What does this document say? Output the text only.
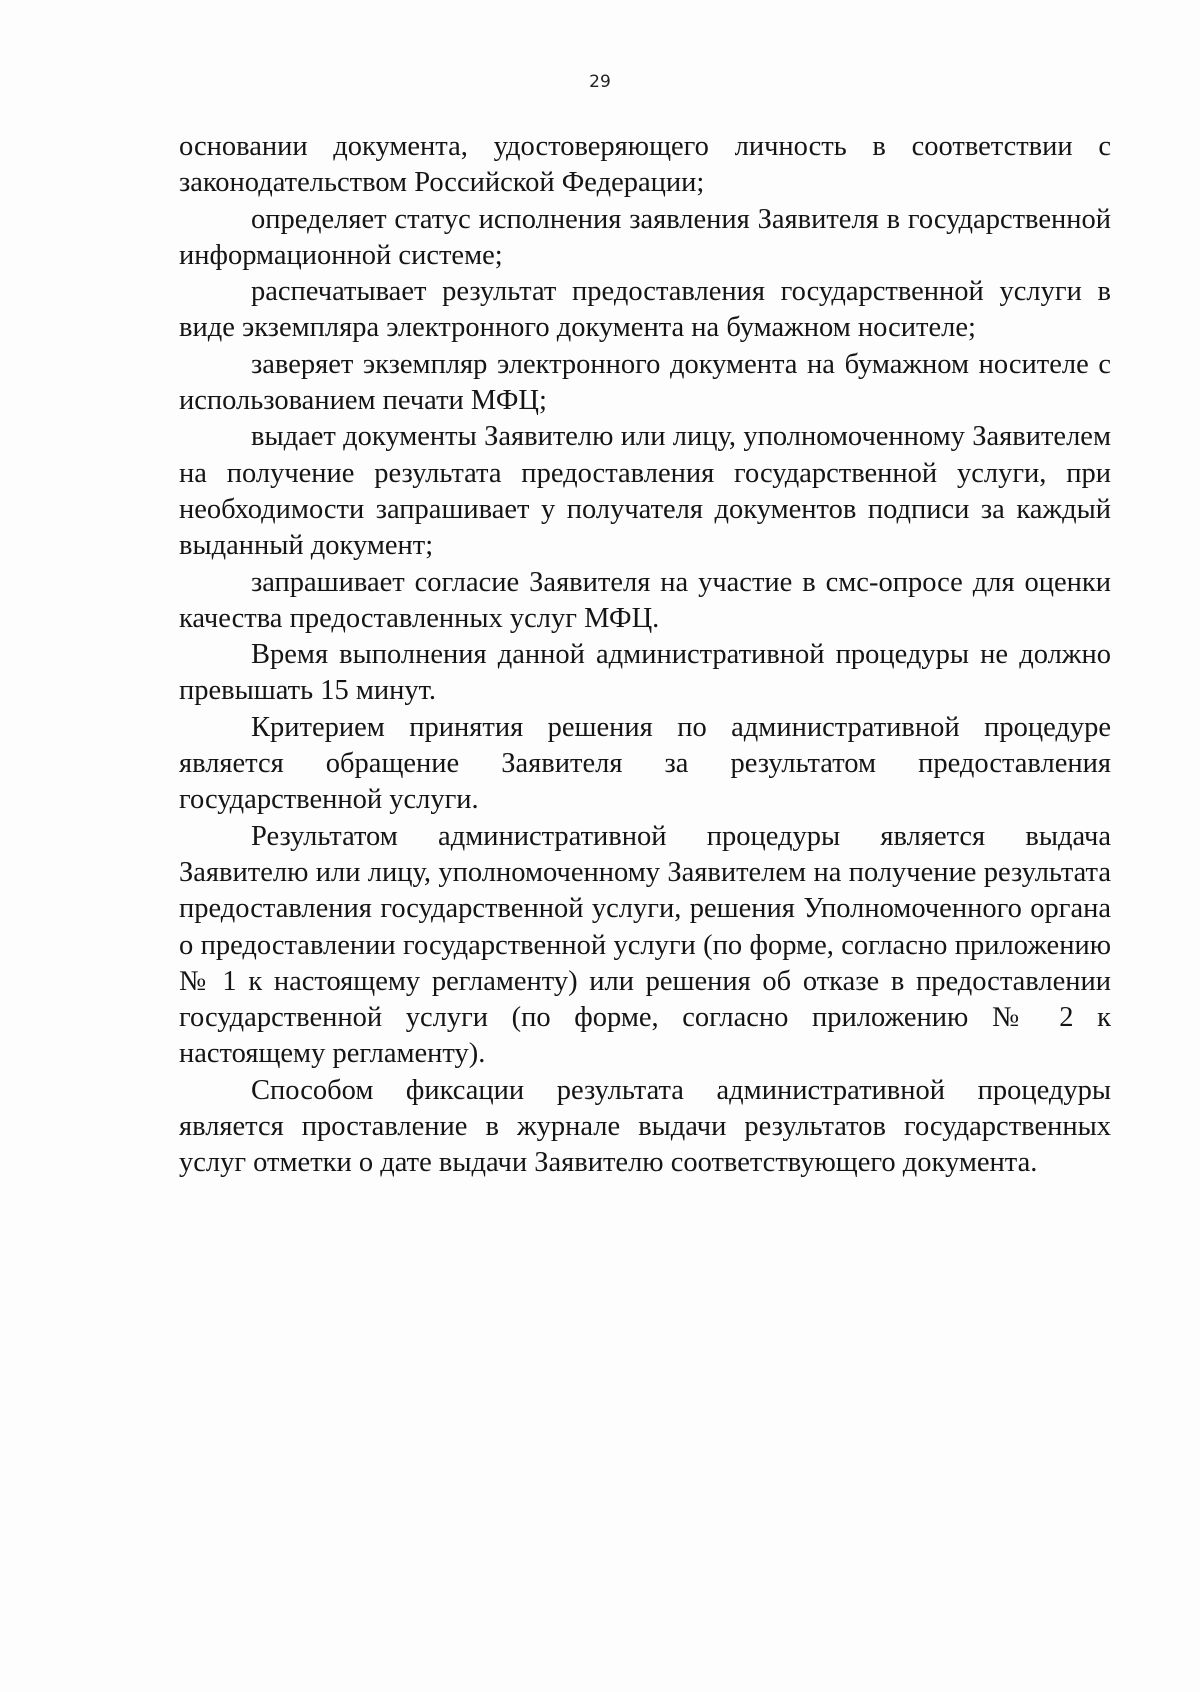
29

основании документа, удостоверяющего личность в соответствии с законодательством Российской Федерации;

определяет статус исполнения заявления Заявителя в государственной информационной системе;

распечатывает результат предоставления государственной услуги в виде экземпляра электронного документа на бумажном носителе;

заверяет экземпляр электронного документа на бумажном носителе с использованием печати МФЦ;

выдает документы Заявителю или лицу, уполномоченному Заявителем на получение результата предоставления государственной услуги, при необходимости запрашивает у получателя документов подписи за каждый выданный документ;

запрашивает согласие Заявителя на участие в смс-опросе для оценки качества предоставленных услуг МФЦ.

Время выполнения данной административной процедуры не должно превышать 15 минут.

Критерием принятия решения по административной процедуре является обращение Заявителя за результатом предоставления государственной услуги.

Результатом административной процедуры является выдача Заявителю или лицу, уполномоченному Заявителем на получение результата предоставления государственной услуги, решения Уполномоченного органа о предоставлении государственной услуги (по форме, согласно приложению № 1 к настоящему регламенту) или решения об отказе в предоставлении государственной услуги (по форме, согласно приложению № 2 к настоящему регламенту).

Способом фиксации результата административной процедуры является проставление в журнале выдачи результатов государственных услуг отметки о дате выдачи Заявителю соответствующего документа.
